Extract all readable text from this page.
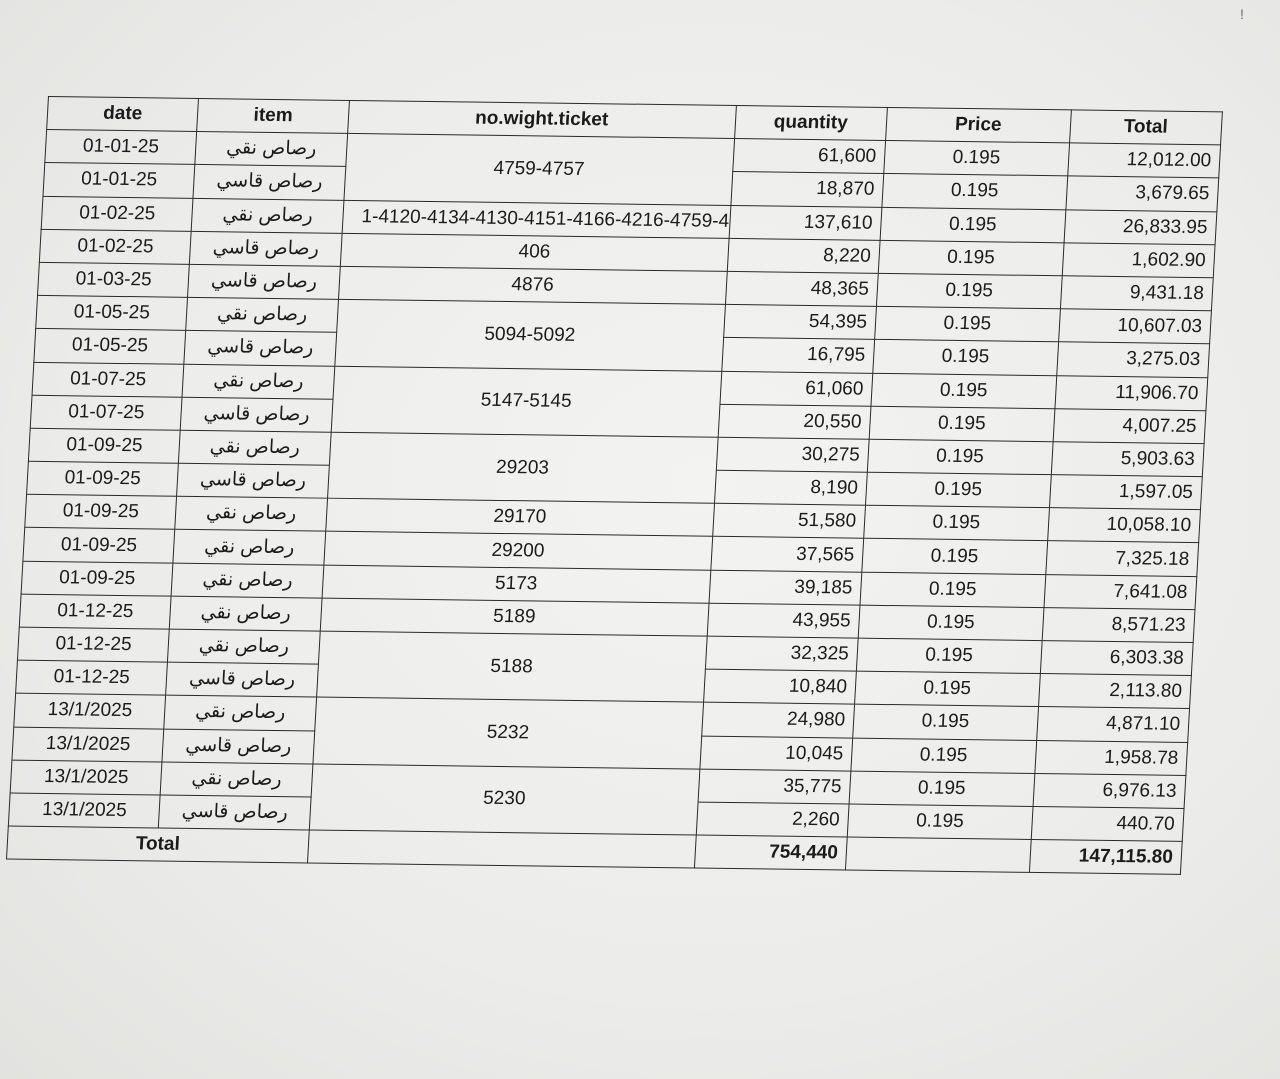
!
date	item	no.wight.ticket	quantity	Price	Total
01-01-25	رصاص نقي	4759-4757	61,600	0.195	12,012.00
01-01-25	رصاص قاسي		18,870	0.195	3,679.65
01-02-25	رصاص نقي	1-4120-4134-4130-4151-4166-4216-4759-4	137,610	0.195	26,833.95
01-02-25	رصاص قاسي	406	8,220	0.195	1,602.90
01-03-25	رصاص قاسي	4876	48,365	0.195	9,431.18
01-05-25	رصاص نقي	5094-5092	54,395	0.195	10,607.03
01-05-25	رصاص قاسي		16,795	0.195	3,275.03
01-07-25	رصاص نقي	5147-5145	61,060	0.195	11,906.70
01-07-25	رصاص قاسي		20,550	0.195	4,007.25
01-09-25	رصاص نقي	29203	30,275	0.195	5,903.63
01-09-25	رصاص قاسي		8,190	0.195	1,597.05
01-09-25	رصاص نقي	29170	51,580	0.195	10,058.10
01-09-25	رصاص نقي	29200	37,565	0.195	7,325.18
01-09-25	رصاص نقي	5173	39,185	0.195	7,641.08
01-12-25	رصاص نقي	5189	43,955	0.195	8,571.23
01-12-25	رصاص نقي	5188	32,325	0.195	6,303.38
01-12-25	رصاص قاسي		10,840	0.195	2,113.80
13/1/2025	رصاص نقي	5232	24,980	0.195	4,871.10
13/1/2025	رصاص قاسي		10,045	0.195	1,958.78
13/1/2025	رصاص نقي	5230	35,775	0.195	6,976.13
13/1/2025	رصاص قاسي		2,260	0.195	440.70
Total			754,440		147,115.80
